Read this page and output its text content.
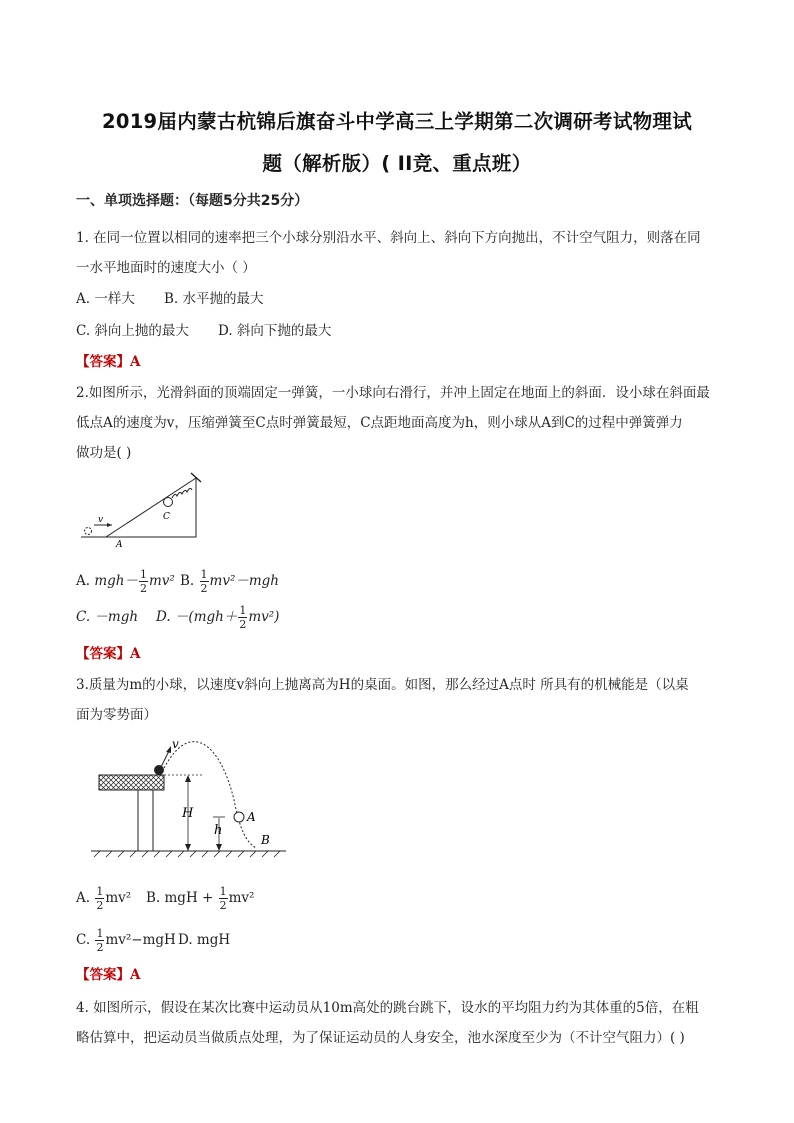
2019届内蒙古杭锦后旗奋斗中学高三上学期第二次调研考试物理试
题（解析版）( II竞、重点班）
一、单项选择题：（每题5分共25分）
1. 在同一位置以相同的速率把三个小球分别沿水平、斜向上、斜向下方向抛出，不计空气阻力，则落在同
一水平地面时的速度大小（ ）
A. 一样大 B. 水平抛的最大
C. 斜向上抛的最大 D. 斜向下抛的最大
【答案】A
2.如图所示，光滑斜面的顶端固定一弹簧，一小球向右滑行，并冲上固定在地面上的斜面．设小球在斜面最
低点A的速度为v，压缩弹簧至C点时弹簧最短，C点距地面高度为h，则小球从A到C的过程中弹簧弹力
做功是( )
v	C
A
A. $mgh- \frac{1}{2} mv^2$ B. $\frac{1}{2} mv^2-mgh$
C. －mgh D. $-(mgh+ \frac{1}{2} mv^2)$
【答案】A
3.质量为m的小球，以速度v斜向上抛离高为H的桌面。如图，那么经过A点时 所具有的机械能是（以桌
面为零势面）
v
H
h
A
B
A. $\frac{1}{2} mv^2$ B. mgH + $\frac{1}{2} mv^2$
C. $\frac{1}{2} mv^2-mgH$ D. mgH
【答案】A
4. 如图所示，假设在某次比赛中运动员从10m高处的跳台跳下，设水的平均阻力约为其体重的5倍，在粗
略估算中，把运动员当做质点处理，为了保证运动员的人身安全，池水深度至少为（不计空气阻力）( )
